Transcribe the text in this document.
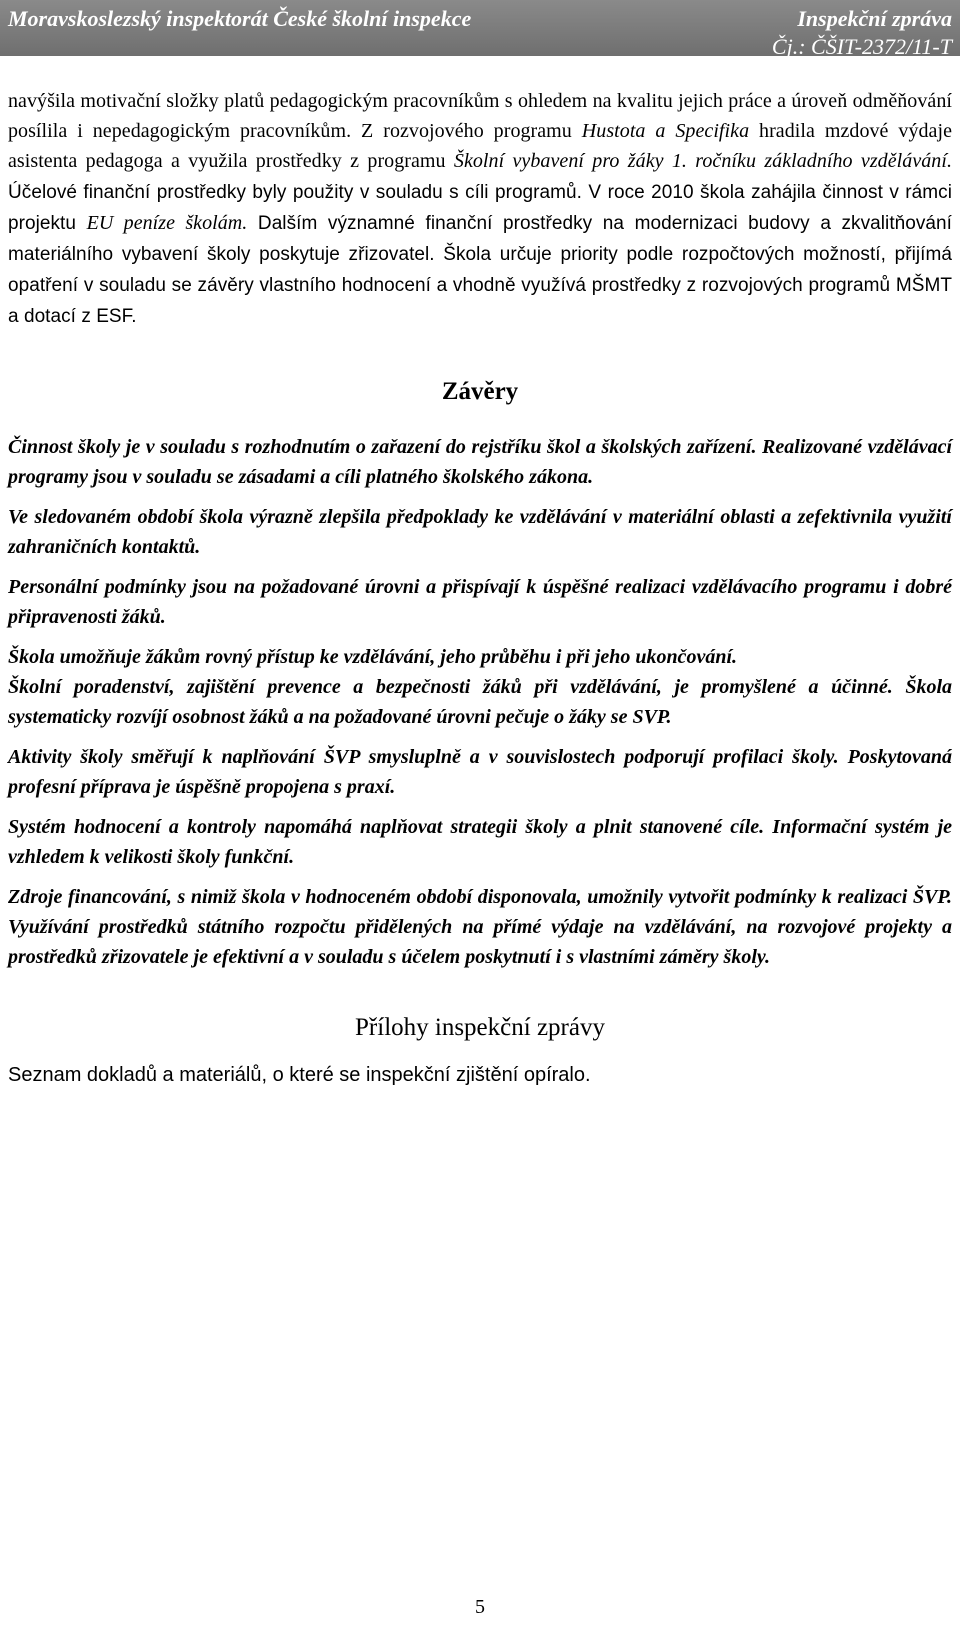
Moravskoslezský inspektorát České školní inspekce	Inspekční zpráva
Čj.: ČŠIT-2372/11-T

navýšila motivační složky platů pedagogickým pracovníkům s ohledem na kvalitu jejich práce a úroveň odměňování posílila i nepedagogickým pracovníkům. Z rozvojového programu Hustota a Specifika hradila mzdové výdaje asistenta pedagoga a využila prostředky z programu Školní vybavení pro žáky 1. ročníku základního vzdělávání. Účelové finanční prostředky byly použity v souladu s cíli programů. V roce 2010 škola zahájila činnost v rámci projektu EU peníze školám. Dalším významné finanční prostředky na modernizaci budovy a zkvalitňování materiálního vybavení školy poskytuje zřizovatel. Škola určuje priority podle rozpočtových možností, přijímá opatření v souladu se závěry vlastního hodnocení a vhodně využívá prostředky z rozvojových programů MŠMT a dotací z ESF.

Závěry

Činnost školy je v souladu s rozhodnutím o zařazení do rejstříku škol a školských zařízení. Realizované vzdělávací programy jsou v souladu se zásadami a cíli platného školského zákona.

Ve sledovaném období škola výrazně zlepšila předpoklady ke vzdělávání v materiální oblasti a zefektivnila využití zahraničních kontaktů.

Personální podmínky jsou na požadované úrovni a přispívají k úspěšné realizaci vzdělávacího programu i dobré připravenosti žáků.

Škola umožňuje žákům rovný přístup ke vzdělávání, jeho průběhu i při jeho ukončování.

Školní poradenství, zajištění prevence a bezpečnosti žáků při vzdělávání, je promyšlené a účinné. Škola systematicky rozvíjí osobnost žáků a na požadované úrovni pečuje o žáky se SVP.

Aktivity školy směřují k naplňování ŠVP smysluplně a v souvislostech podporují profilaci školy. Poskytovaná profesní příprava je úspěšně propojena s praxí.

Systém hodnocení a kontroly napomáhá naplňovat strategii školy a plnit stanovené cíle. Informační systém je vzhledem k velikosti školy funkční.

Zdroje financování, s nimiž škola v hodnoceném období disponovala, umožnily vytvořit podmínky k realizaci ŠVP. Využívání prostředků státního rozpočtu přidělených na přímé výdaje na vzdělávání, na rozvojové projekty a prostředků zřizovatele je efektivní a v souladu s účelem poskytnutí i s vlastními záměry školy.

Přílohy inspekční zprávy

Seznam dokladů a materiálů, o které se inspekční zjištění opíralo.

5
